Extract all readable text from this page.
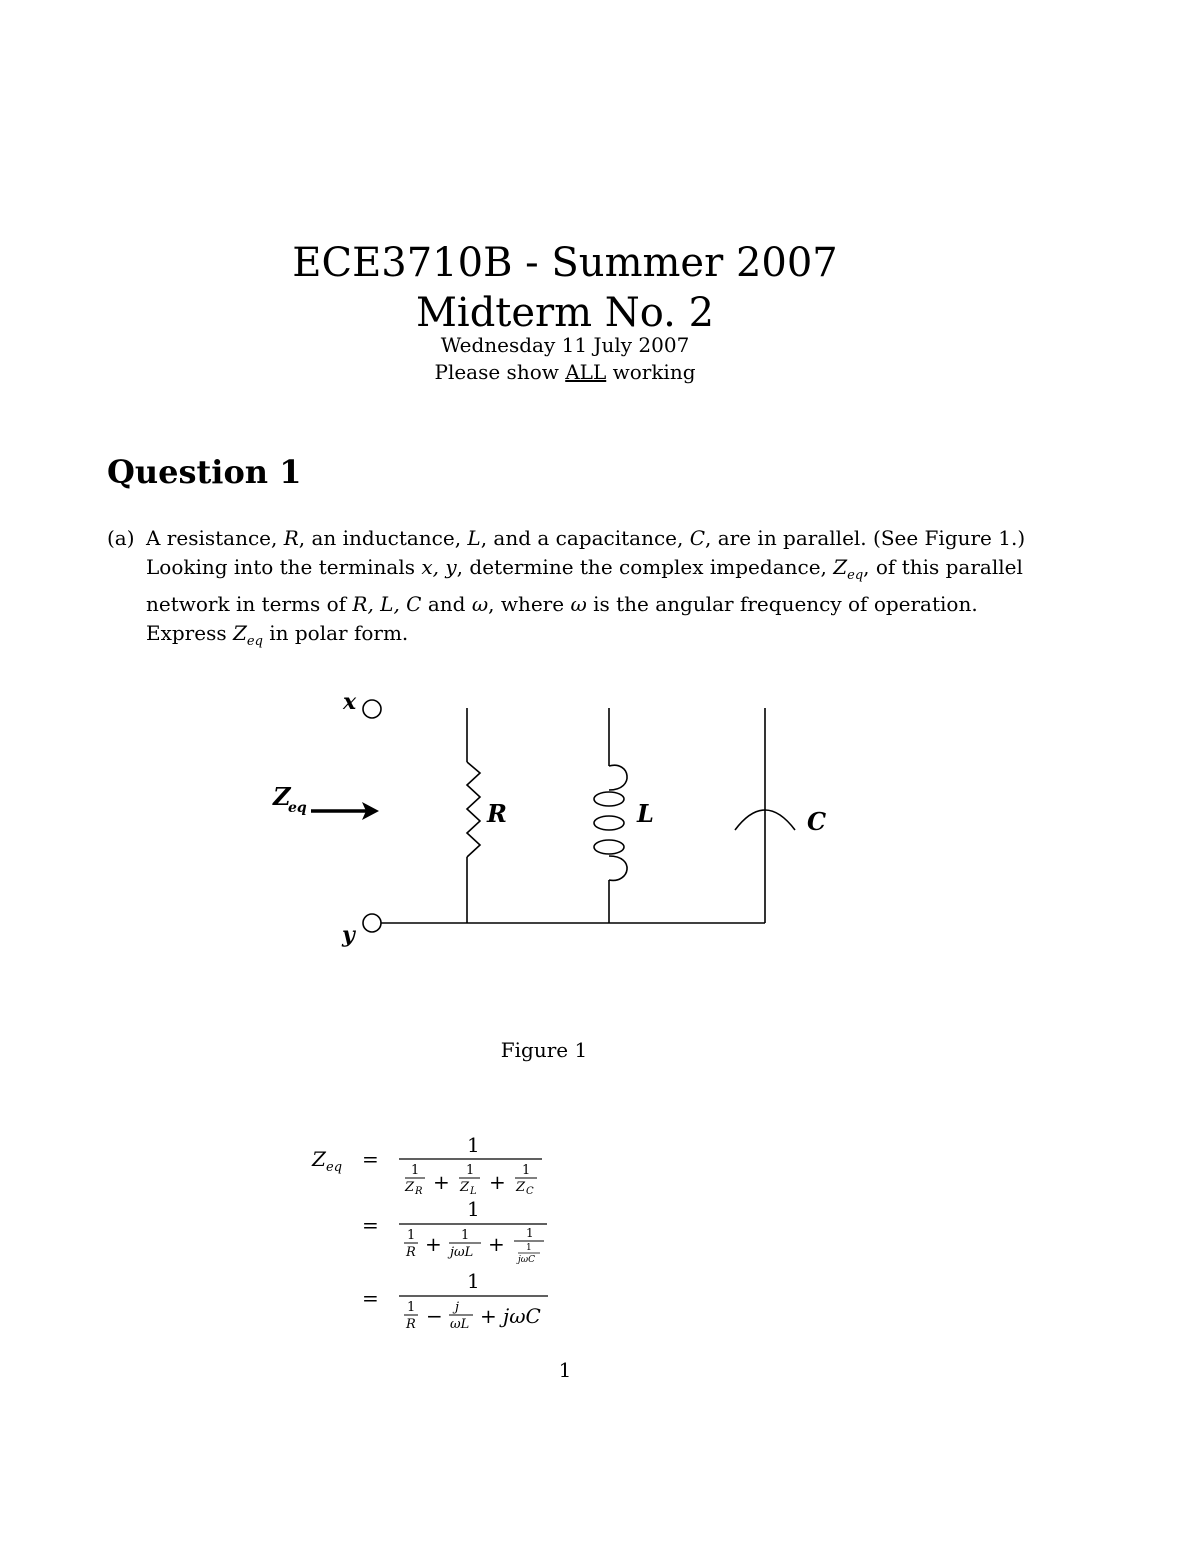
ECE3710B - Summer 2007
Midterm No. 2
Wednesday 11 July 2007
Please show ALL working
Question 1
(a) A resistance, R, an inductance, L, and a capacitance, C, are in parallel. (See Figure 1.) Looking into the terminals x, y, determine the complex impedance, $Z_{eq}$, of this parallel network in terms of R, L, C and ω, where ω is the angular frequency of operation. Express $Z_{eq}$ in polar form.
x
y
Z
eq	R	L	C
Z eq =
1
1
Z R + 1
Z L + 1
Z C
=
1
1
R + 1
jωL + 1
1
jωC
=
1
1
R − j
ωL + jωC
Figure 1
1
